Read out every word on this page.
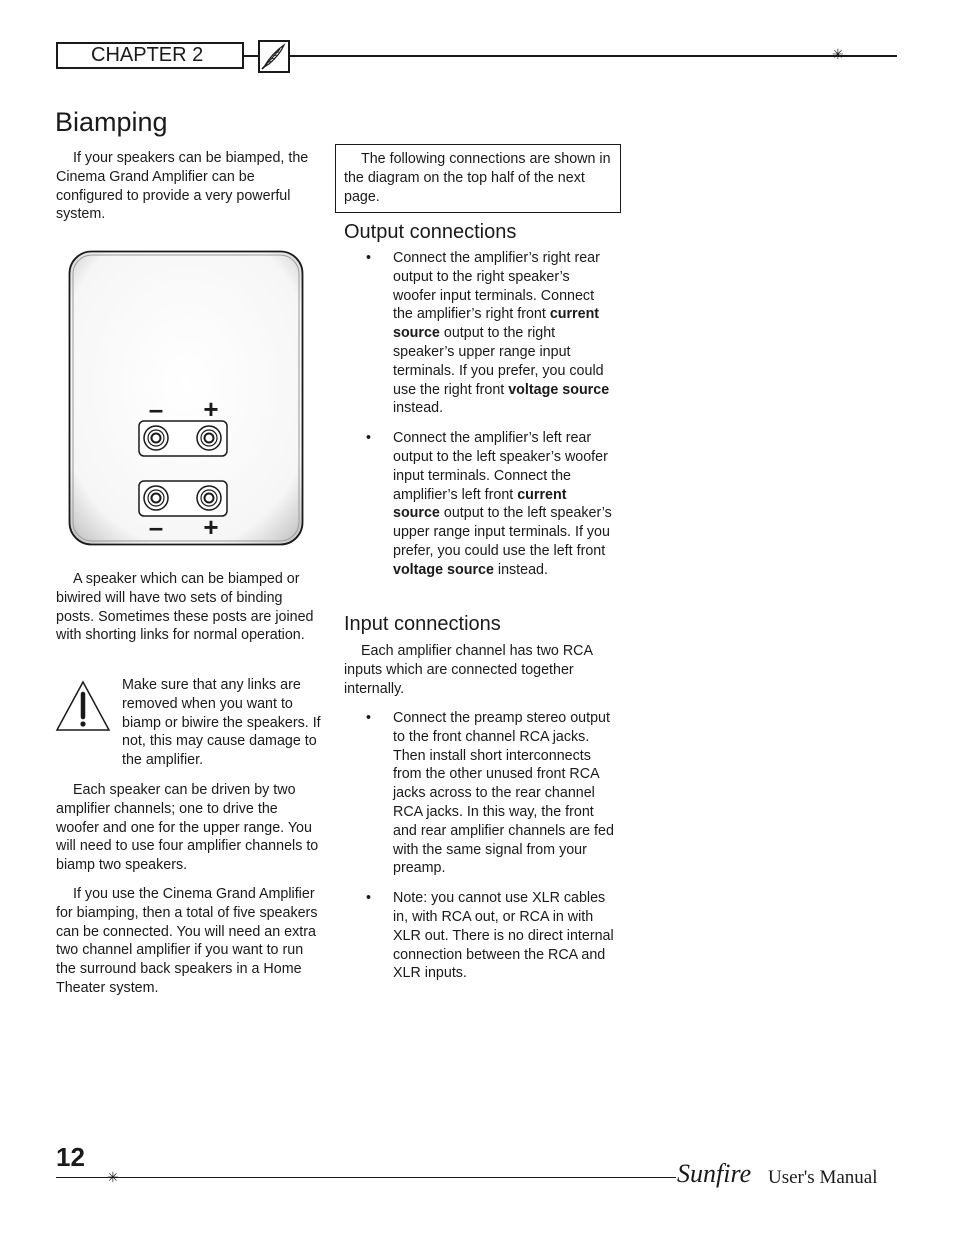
CHAPTER 2	✳
Biamping

If your speakers can be biamped, the Cinema Grand Amplifier can be configured to provide a very powerful system.

– +
– +

A speaker which can be biamped or biwired will have two sets of binding posts. Sometimes these posts are joined with shorting links for normal operation.

Make sure that any links are removed when you want to biamp or biwire the speakers. If not, this may cause damage to the amplifier.

Each speaker can be driven by two amplifier channels; one to drive the woofer and one for the upper range. You will need to use four amplifier channels to biamp two speakers.

If you use the Cinema Grand Amplifier for biamping, then a total of five speakers can be connected. You will need an extra two channel amplifier if you want to run the surround back speakers in a Home Theater system.

The following connections are shown in the diagram on the top half of the next page.

Output connections
• Connect the amplifier’s right rear output to the right speaker’s woofer input terminals. Connect the amplifier’s right front current source output to the right speaker’s upper range input terminals. If you prefer, you could use the right front voltage source instead.
• Connect the amplifier’s left rear output to the left speaker’s woofer input terminals. Connect the amplifier’s left front current source output to the left speaker’s upper range input terminals. If you prefer, you could use the left front voltage source instead.
Input connections

Each amplifier channel has two RCA inputs which are connected together internally.

• Connect the preamp stereo output to the front channel RCA jacks. Then install short interconnects from the other unused front RCA jacks across to the rear channel RCA jacks. In this way, the front and rear amplifier channels are fed with the same signal from your preamp.
• Note: you cannot use XLR cables in, with RCA out, or RCA in with XLR out. There is no direct internal connection between the RCA and XLR inputs.
12
✳	Sunfire User's Manual
